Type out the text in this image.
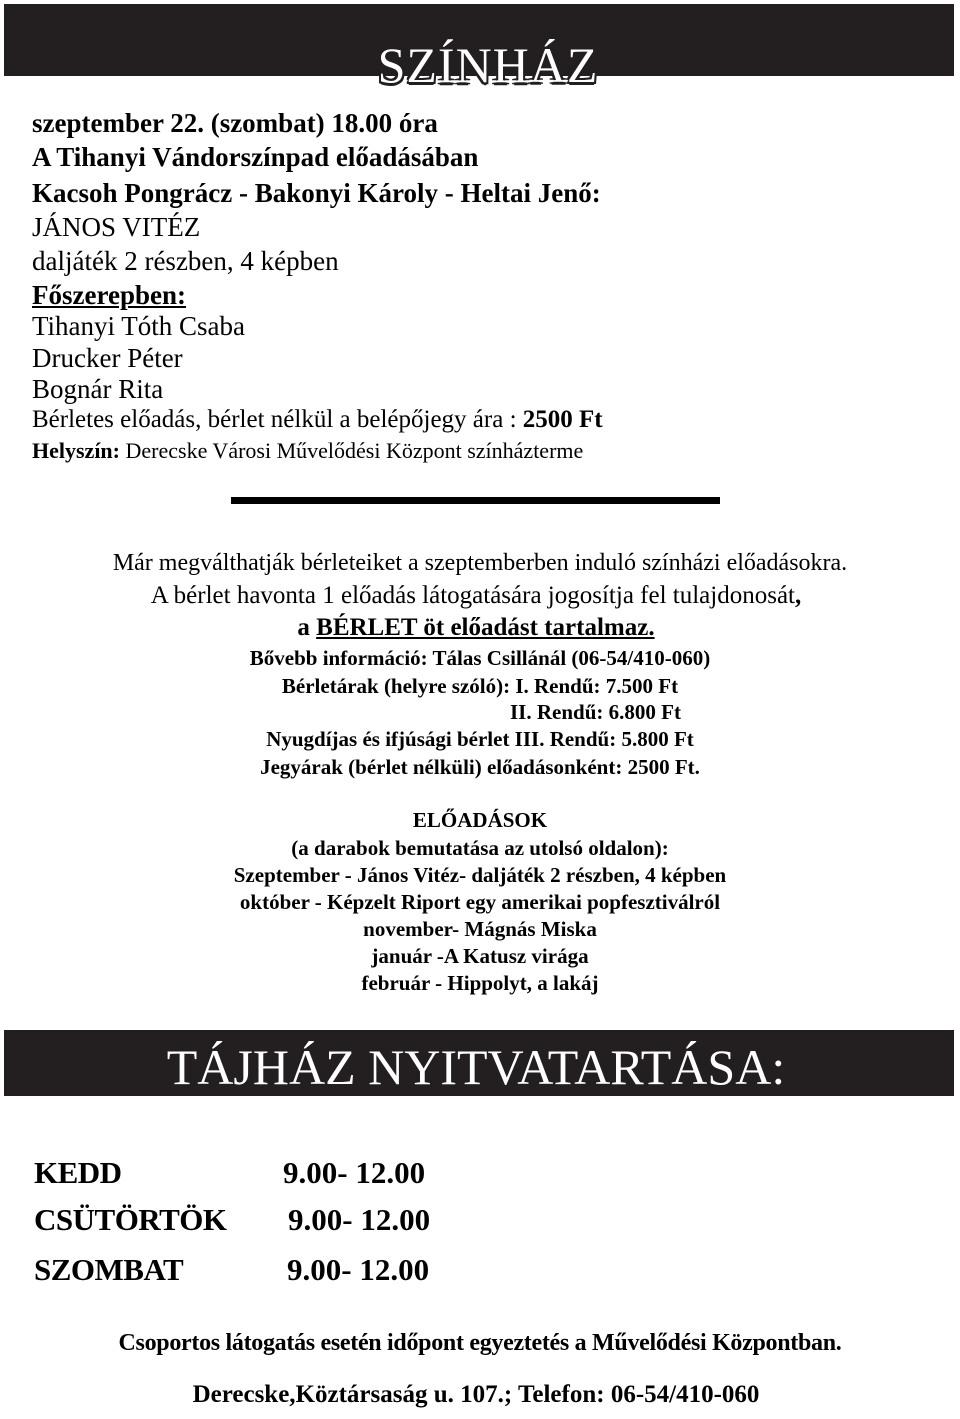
SZÍNHÁZ
szeptember 22. (szombat) 18.00 óra
A Tihanyi Vándorszínpad előadásában
Kacsoh Pongrácz - Bakonyi Károly - Heltai Jenő:
JÁNOS VITÉZ
daljáték 2 részben, 4 képben
Főszerepben:
Tihanyi Tóth Csaba
Drucker Péter
Bognár Rita
Bérletes előadás, bérlet nélkül a belépőjegy ára : 2500 Ft
Helyszín: Derecske Városi Művelődési Központ színházterme
Már megválthatják bérleteiket a szeptemberben induló színházi előadásokra.
A bérlet havonta 1 előadás látogatására jogosítja fel tulajdonosát,
a BÉRLET öt előadást tartalmaz.
Bővebb információ: Tálas Csillánál (06-54/410-060)
Bérletárak (helyre szóló): I. Rendű: 7.500 Ft
II. Rendű: 6.800 Ft
Nyugdíjas és ifjúsági bérlet III. Rendű: 5.800 Ft
Jegyárak (bérlet nélküli) előadásonként: 2500 Ft.
ELŐADÁSOK
(a darabok bemutatása az utolsó oldalon):
Szeptember - János Vitéz- daljáték 2 részben, 4 képben
október - Képzelt Riport egy amerikai popfesztiválról
november- Mágnás Miska
január -A Katusz virága
február - Hippolyt, a lakáj
TÁJHÁZ NYITVATARTÁSA:
KEDD	9.00- 12.00
CSÜTÖRTÖK 9.00- 12.00
SZOMBAT	9.00- 12.00
Csoportos látogatás esetén időpont egyeztetés a Művelődési Központban.
Derecske,Köztársaság u. 107.; Telefon: 06-54/410-060
